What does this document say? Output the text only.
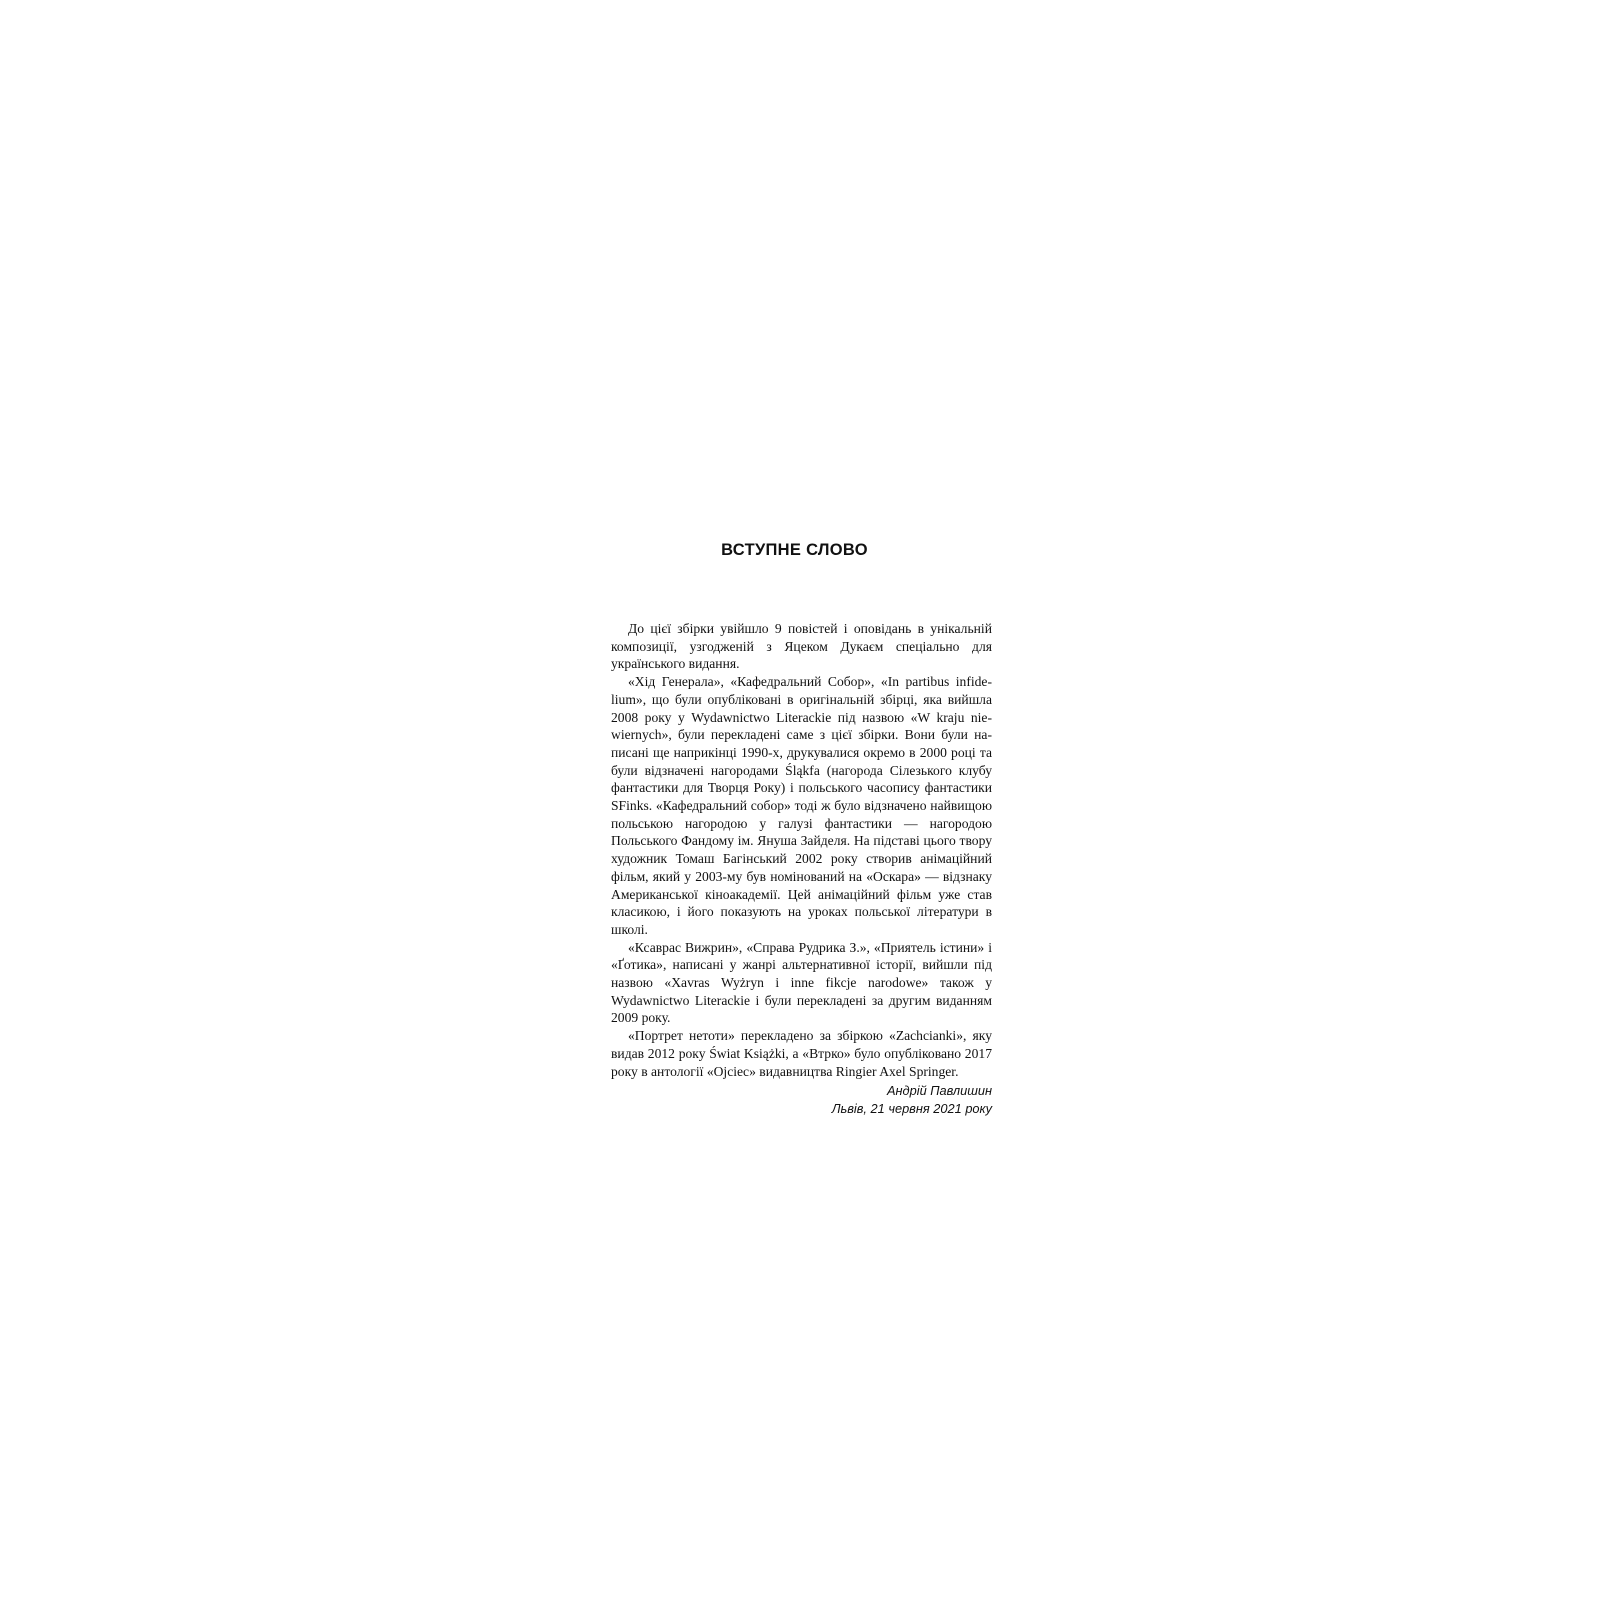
ВСТУПНЕ СЛОВО

До цієї збірки увійшло 9 повістей і оповідань в унікальній композиції, узгодженій з Яцеком Дукаєм спеціально для українського видання.

«Хід Генерала», «Кафедральний Собор», «In partibus infidelium», що були опубліковані в оригінальній збірці, яка вийшла 2008 року у Wydawnictwo Literackie під назвою «W kraju niewiernych», були перекладені саме з цієї збірки. Вони були написані ще наприкінці 1990-х, друкувалися окремо в 2000 році та були відзначені нагородами Śląkfa (нагорода Сілезького клубу фантастики для Творця Року) і польського часопису фантастики SFinks. «Кафедральний собор» тоді ж було відзначено найвищою польською нагородою у галузі фантастики — нагородою Польського Фандому ім. Януша Зайделя. На підставі цього твору художник Томаш Багінський 2002 року створив анімаційний фільм, який у 2003-му був номінований на «Оскара» — відзнаку Американської кіноакадемії. Цей анімаційний фільм уже став класикою, і його показують на уроках польської літератури в школі.

«Ксаврас Вижрин», «Справа Рудрика З.», «Приятель істини» і «Ґотика», написані у жанрі альтернативної історії, вийшли під назвою «Xavras Wyżryn i inne fikcje narodowe» також у Wydawnictwo Literackie і були перекладені за другим виданням 2009 року.

«Портрет нетоти» перекладено за збіркою «Zachcianki», яку видав 2012 року Świat Książki, а «Втрко» було опубліковано 2017 року в антології «Ojciec» видавництва Ringier Axel Springer.

Андрій Павлишин
Львів, 21 червня 2021 року
